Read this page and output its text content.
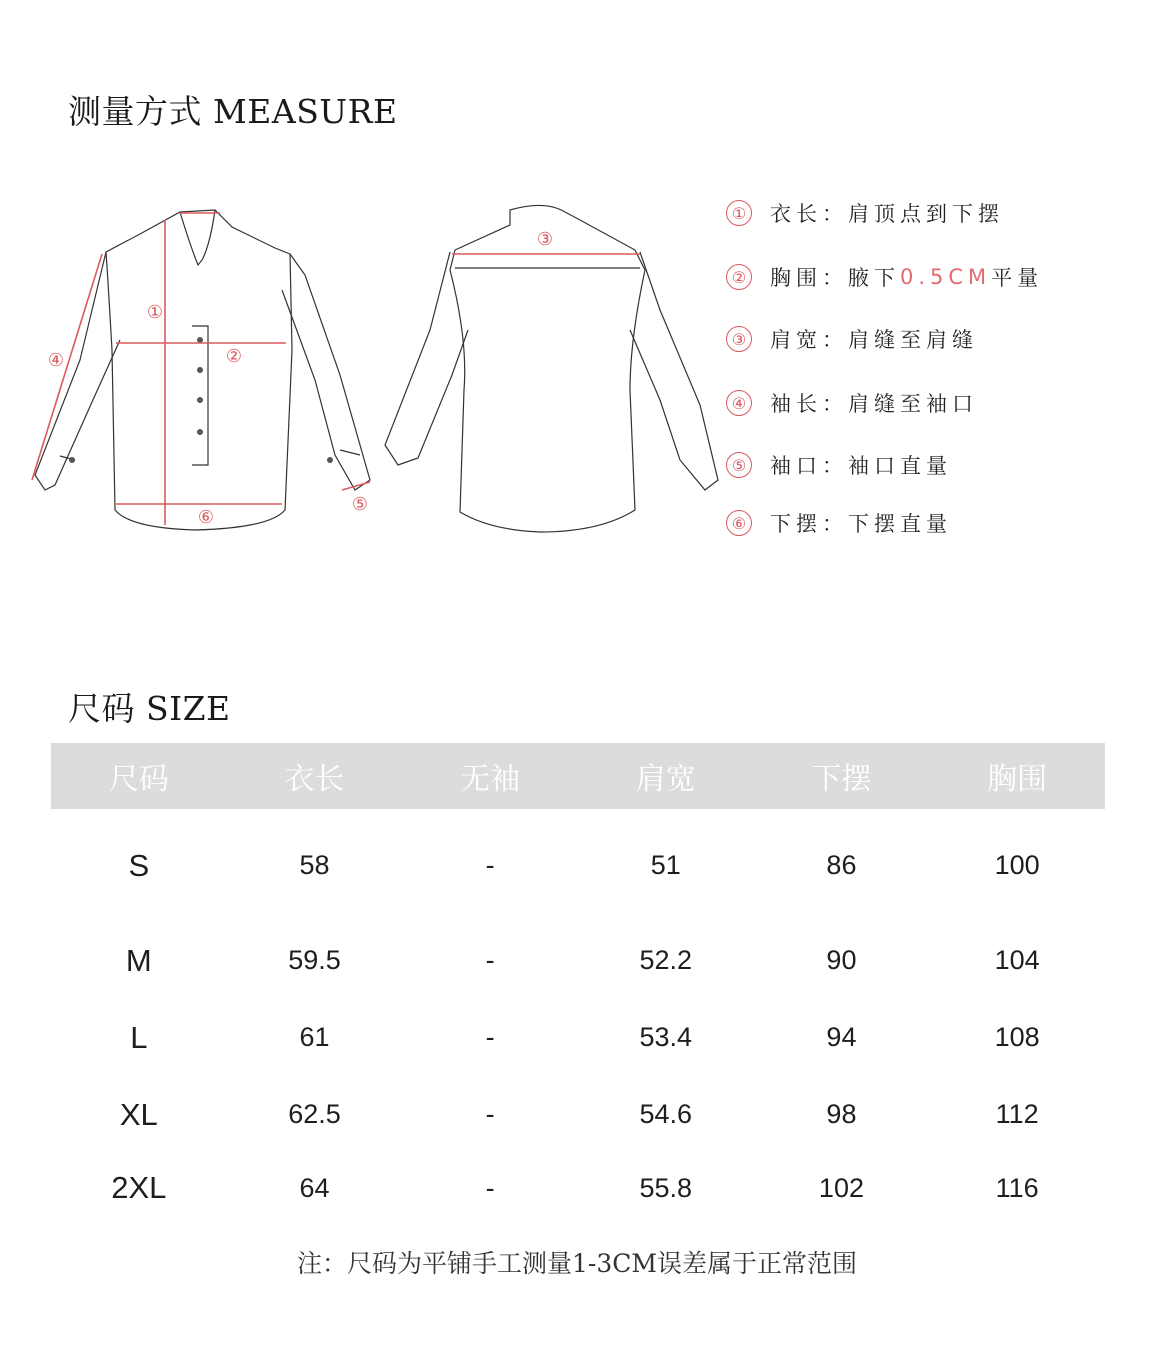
测量方式 MEASURE
①
②
③
④
⑤
⑥
① 衣长： 肩顶点到下摆
② 胸围： 腋下 0.5CM 平量
③ 肩宽： 肩缝至肩缝
④ 袖长： 肩缝至袖口
⑤ 袖口： 袖口直量
⑥ 下摆： 下摆直量
尺码 SIZE
尺码	衣长	无袖	肩宽	下摆	胸围
S	58	-	51	86	100
M	59.5	-	52.2	90	104
L	61	-	53.4	94	108
XL	62.5	-	54.6	98	112
2XL	64	-	55.8	102	116
注：尺码为平铺手工测量1-3CM误差属于正常范围
